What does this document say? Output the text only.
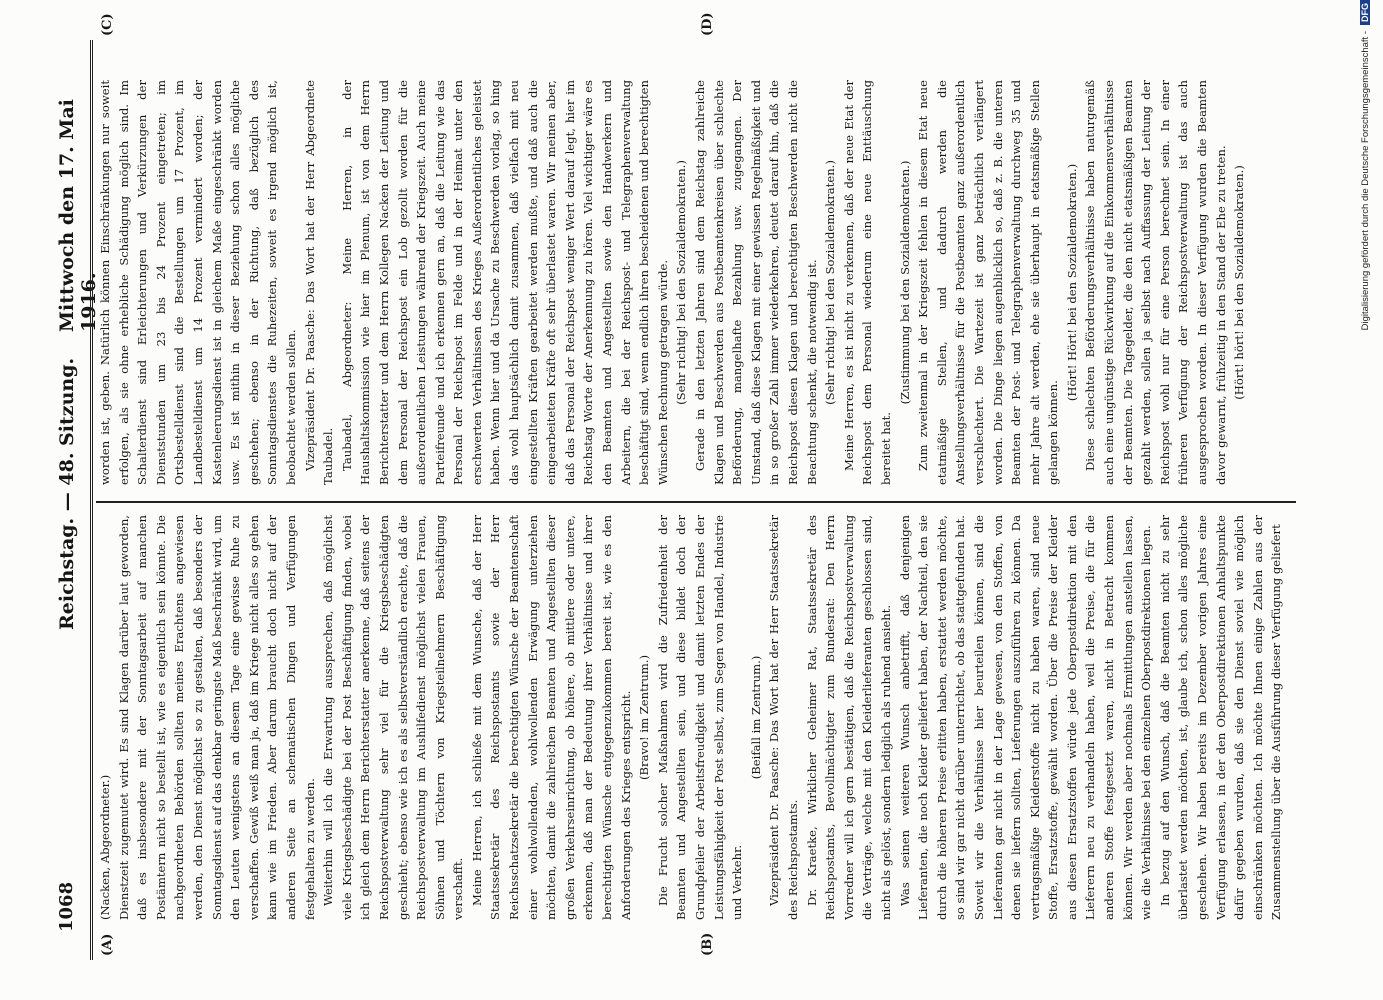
1068
Reichstag. — 48. Sitzung.
Mittwoch den 17. Mai 1916.
(A)	(B)
(C)	(D)

(Nacken, Abgeordneter.) Dienstzeit zugemutet wird. Es sind Klagen darüber laut geworden, daß es insbesondere mit der Sonntagsarbeit auf manchen Postämtern nicht so bestellt ist, wie es eigentlich sein könnte. Die nachgeordneten Behörden sollten meines Erachtens angewiesen werden, den Dienst möglichst so zu gestalten, daß besonders der Sonntagsdienst auf das denkbar geringste Maß beschränkt wird, um den Leuten wenigstens an diesem Tage eine gewisse Ruhe zu verschaffen. Gewiß weiß man ja, daß im Kriege nicht alles so gehen kann wie im Frieden. Aber darum braucht doch nicht auf der anderen Seite an schematischen Dingen und Verfügungen festgehalten zu werden. Weiterhin will ich die Erwartung aussprechen, daß möglichst viele Kriegsbeschädigte bei der Post Beschäftigung finden, wobei ich gleich dem Herrn Berichterstatter anerkenne, daß seitens der Reichspostverwaltung sehr viel für die Kriegsbeschädigten geschieht; ebenso wie ich es als selbstverständlich erachte, daß die Reichspostverwaltung im Aushilfedienst möglichst vielen Frauen, Söhnen und Töchtern von Kriegsteilnehmern Beschäftigung verschafft. Meine Herren, ich schließe mit dem Wunsche, daß der Herr Staatssekretär des Reichspostamts sowie der Herr Reichsschatzsekretär die berechtigten Wünsche der Beamtenschaft einer wohlwollenden, wohlwollenden Erwägung unterziehen möchten, damit die zahlreichen Beamten und Angestellten dieser großen Verkehrseinrichtung, ob höhere, ob mittlere oder untere, erkennen, daß man der Bedeutung ihrer Verhältnisse und ihrer berechtigten Wünsche entgegenzukommen bereit ist, wie es den Anforderungen des Krieges entspricht. (Bravo! im Zentrum.) Die Frucht solcher Maßnahmen wird die Zufriedenheit der Beamten und Angestellten sein, und diese bildet doch der Grundpfeiler der Arbeitsfreudigkeit und damit letzten Endes der Leistungsfähigkeit der Post selbst, zum Segen von Handel, Industrie und Verkehr.

(Beifall im Zentrum.) Vizepräsident Dr. Paasche: Das Wort hat der Herr Staatssekretär des Reichspostamts. Dr. Kraetke, Wirklicher Geheimer Rat, Staatssekretär des Reichspostamts, Bevollmächtigter zum Bundesrat: Den Herrn Vorredner will ich gern bestätigen, daß die Reichspostverwaltung die Verträge, welche mit den Kleiderlieferanten geschlossen sind, nicht als gelöst, sondern lediglich als ruhend ansieht. Was seinen weiteren Wunsch anbetrifft, daß denjenigen Lieferanten, die noch Kleider geliefert haben, der Nachteil, den sie durch die höheren Preise erlitten haben, erstattet werden möchte, so sind wir gar nicht darüber unterrichtet, ob das stattgefunden hat. Soweit wir die Verhältnisse hier beurteilen können, sind die Lieferanten gar nicht in der Lage gewesen, von den Stoffen, von denen sie liefern sollten, Lieferungen auszuführen zu können. Da vertragsmäßige Kleiderstoffe nicht zu haben waren, sind neue Stoffe, Ersatzstoffe, gewählt worden. Über die Preise der Kleider aus diesen Ersatzstoffen würde jede Oberpostdirektion mit den Lieferern neu zu verhandeln haben, weil die Preise, die für die anderen Stoffe festgesetzt waren, nicht in Betracht kommen können. Wir werden aber nochmals Ermittlungen anstellen lassen, wie die Verhältnisse bei den einzelnen Oberpostdirektionen liegen. In bezug auf den Wunsch, daß die Beamten nicht zu sehr überlastet werden möchten, ist, glaube ich, schon alles mögliche geschehen. Wir haben bereits im Dezember vorigen Jahres eine Verfügung erlassen, in der den Oberpostdirektionen Anhaltspunkte dafür gegeben wurden, daß sie den Dienst soviel wie möglich einschränken möchten. Ich möchte Ihnen einige Zahlen aus der Zusammenstellung über die Ausführung dieser Verfügung geliefert

worden ist, geben. Natürlich können Einschränkungen nur soweit erfolgen, als sie ohne erhebliche Schädigung möglich sind. Im Schalterdienst sind Erleichterungen und Verkürzungen der Dienststunden um 23 bis 24 Prozent eingetreten; im Ortsbestelldienst sind die Bestellungen um 17 Prozent, im Landbestelldienst um 14 Prozent vermindert worden; der Kastenleerungsdienst ist in gleichem Maße eingeschränkt worden usw. Es ist mithin in dieser Beziehung schon alles mögliche geschehen; ebenso in der Richtung, daß bezüglich des Sonntagsdienstes die Ruhezeiten, soweit es irgend möglich ist, beobachtet werden sollen. Vizepräsident Dr. Paasche: Das Wort hat der Herr Abgeordnete Taubadel. Taubadel, Abgeordneter: Meine Herren, in der Haushaltskommission wie hier im Plenum, ist von dem Herrn Berichterstatter und dem Herrn Kollegen Nacken der Leitung und dem Personal der Reichspost ein Lob gezollt worden für die außerordentlichen Leistungen während der Kriegszeit. Auch meine Parteifreunde und ich erkennen gern an, daß die Leitung wie das Personal der Reichspost im Felde und in der Heimat unter den erschwerten Verhältnissen des Krieges Außerordentliches geleistet haben. Wenn hier und da Ursache zu Beschwerden vorlag, so hing das wohl hauptsächlich damit zusammen, daß vielfach mit neu eingestellten Kräften gearbeitet werden mußte, und daß auch die eingearbeiteten Kräfte oft sehr überlastet waren. Wir meinen aber, daß das Personal der Reichspost weniger Wert darauf legt, hier im Reichstag Worte der Anerkennung zu hören. Viel wichtiger wäre es den Beamten und Angestellten sowie den Handwerkern und Arbeitern, die bei der Reichspost- und Telegraphenverwaltung beschäftigt sind, wenn endlich ihren bescheidenen und berechtigten Wünschen Rechnung getragen würde. (Sehr richtig! bei den Sozialdemokraten.) Gerade in den letzten Jahren sind dem Reichstag zahlreiche Klagen und Beschwerden aus Postbeamtenkreisen über schlechte Beförderung, mangelhafte Bezahlung usw. zugegangen. Der Umstand, daß diese Klagen mit einer gewissen Regelmäßigkeit und in so großer Zahl immer wiederkehren, deutet darauf hin, daß die Reichspost diesen Klagen und berechtigten Beschwerden nicht die Beachtung schenkt, die notwendig ist. (Sehr richtig! bei den Sozialdemokraten.) Meine Herren, es ist nicht zu verkennen, daß der neue Etat der Reichspost dem Personal wiederum eine neue Enttäuschung bereitet hat.

(Zustimmung bei den Sozialdemokraten.) Zum zweitenmal in der Kriegszeit fehlen in diesem Etat neue etatmäßige Stellen, und dadurch werden die Anstellungsverhältnisse für die Postbeamten ganz außerordentlich verschlechtert. Die Wartezeit ist ganz beträchtlich verlängert worden. Die Dinge liegen augenblicklich so, daß z. B. die unteren Beamten der Post- und Telegraphenverwaltung durchweg 35 und mehr Jahre alt werden, ehe sie überhaupt in etatsmäßige Stellen gelangen können.

(Hört! Hört! bei den Sozialdemokraten.) Diese schlechten Beförderungsverhältnisse haben naturgemäß auch eine ungünstige Rückwirkung auf die Einkommensverhältnisse der Beamten. Die Tagegelder, die den nicht etatsmäßigen Beamten gezahlt werden, sollen ja selbst nach Auffassung der Leitung der Reichspost wohl nur für eine Person berechnet sein. In einer früheren Verfügung der Reichspostverwaltung ist das auch ausgesprochen worden. In dieser Verfügung wurden die Beamten davor gewarnt, frühzeitig in den Stand der Ehe zu treten. (Hört! hört! bei den Sozialdemokraten.)	Digitalisierung gefördert durch die Deutsche Forschungsgemeinschaft -DFG
